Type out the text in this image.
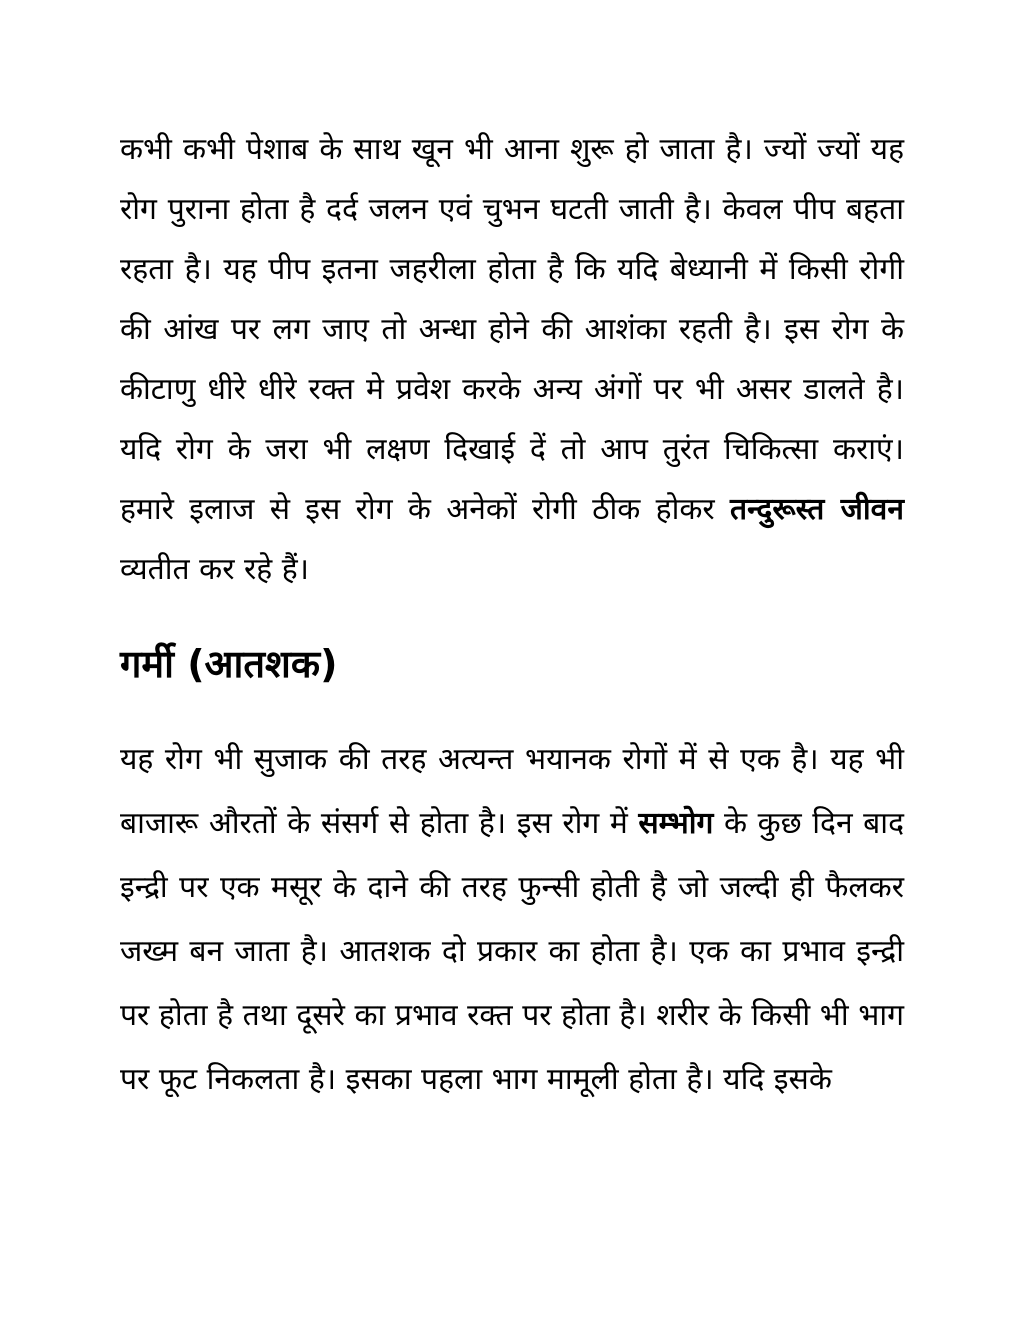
कभी कभी पेशाब के साथ खून भी आना शुरू हो जाता है। ज्यों ज्यों यह रोग पुराना होता है दर्द जलन एवं चुभन घटती जाती है। केवल पीप बहता रहता है। यह पीप इतना जहरीला होता है कि यदि बेध्यानी में किसी रोगी की आंख पर लग जाए तो अन्धा होने की आशंका रहती है। इस रोग के कीटाणु धीरे धीरे रक्त मे प्रवेश करके अन्य अंगों पर भी असर डालते है। यदि रोग के जरा भी लक्षण दिखाई दें तो आप तुरंत चिकित्सा कराएं। हमारे इलाज से इस रोग के अनेकों रोगी ठीक होकर तन्दुरूस्त जीवन व्यतीत कर रहे हैं।

गर्मी (आतशक)

यह रोग भी सुजाक की तरह अत्यन्त भयानक रोगों में से एक है। यह भी बाजारू औरतों के संसर्ग से होता है। इस रोग में सम्भोग के कुछ दिन बाद इन्द्री पर एक मसूर के दाने की तरह फुन्सी होती है जो जल्दी ही फैलकर जख्म बन जाता है। आतशक दो प्रकार का होता है। एक का प्रभाव इन्द्री पर होता है तथा दूसरे का प्रभाव रक्त पर होता है। शरीर के किसी भी भाग पर फूट निकलता है। इसका पहला भाग मामूली होता है। यदि इसके
